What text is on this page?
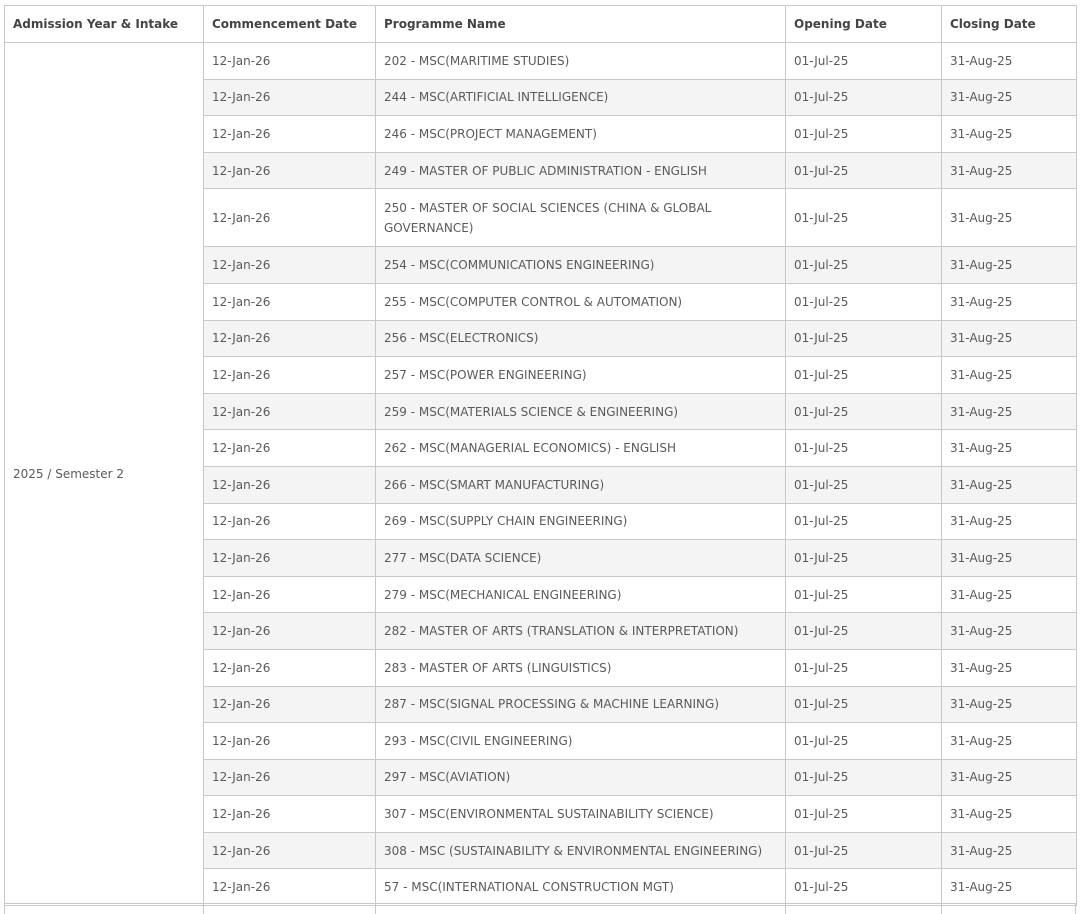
Admission Year & Intake	Commencement Date	Programme Name	Opening Date	Closing Date
2025 / Semester 2	12-Jan-26	202 - MSC(MARITIME STUDIES)	01-Jul-25	31-Aug-25
	12-Jan-26	244 - MSC(ARTIFICIAL INTELLIGENCE)	01-Jul-25	31-Aug-25
	12-Jan-26	246 - MSC(PROJECT MANAGEMENT)	01-Jul-25	31-Aug-25
	12-Jan-26	249 - MASTER OF PUBLIC ADMINISTRATION - ENGLISH	01-Jul-25	31-Aug-25
	12-Jan-26	250 - MASTER OF SOCIAL SCIENCES (CHINA & GLOBAL GOVERNANCE)	01-Jul-25	31-Aug-25
	12-Jan-26	254 - MSC(COMMUNICATIONS ENGINEERING)	01-Jul-25	31-Aug-25
	12-Jan-26	255 - MSC(COMPUTER CONTROL & AUTOMATION)	01-Jul-25	31-Aug-25
	12-Jan-26	256 - MSC(ELECTRONICS)	01-Jul-25	31-Aug-25
	12-Jan-26	257 - MSC(POWER ENGINEERING)	01-Jul-25	31-Aug-25
	12-Jan-26	259 - MSC(MATERIALS SCIENCE & ENGINEERING)	01-Jul-25	31-Aug-25
	12-Jan-26	262 - MSC(MANAGERIAL ECONOMICS) - ENGLISH	01-Jul-25	31-Aug-25
	12-Jan-26	266 - MSC(SMART MANUFACTURING)	01-Jul-25	31-Aug-25
	12-Jan-26	269 - MSC(SUPPLY CHAIN ENGINEERING)	01-Jul-25	31-Aug-25
	12-Jan-26	277 - MSC(DATA SCIENCE)	01-Jul-25	31-Aug-25
	12-Jan-26	279 - MSC(MECHANICAL ENGINEERING)	01-Jul-25	31-Aug-25
	12-Jan-26	282 - MASTER OF ARTS (TRANSLATION & INTERPRETATION)	01-Jul-25	31-Aug-25
	12-Jan-26	283 - MASTER OF ARTS (LINGUISTICS)	01-Jul-25	31-Aug-25
	12-Jan-26	287 - MSC(SIGNAL PROCESSING & MACHINE LEARNING)	01-Jul-25	31-Aug-25
	12-Jan-26	293 - MSC(CIVIL ENGINEERING)	01-Jul-25	31-Aug-25
	12-Jan-26	297 - MSC(AVIATION)	01-Jul-25	31-Aug-25
	12-Jan-26	307 - MSC(ENVIRONMENTAL SUSTAINABILITY SCIENCE)	01-Jul-25	31-Aug-25
	12-Jan-26	308 - MSC (SUSTAINABILITY & ENVIRONMENTAL ENGINEERING)	01-Jul-25	31-Aug-25
	12-Jan-26	57 - MSC(INTERNATIONAL CONSTRUCTION MGT)	01-Jul-25	31-Aug-25
